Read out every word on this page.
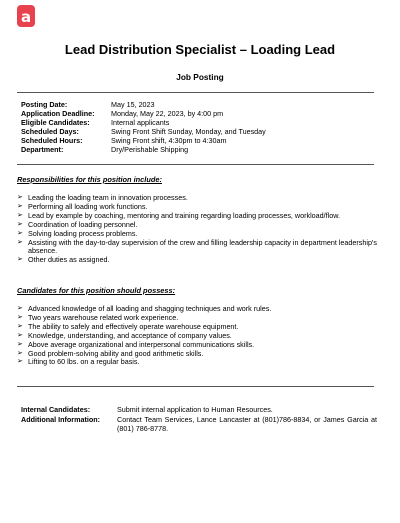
a
Lead Distribution Specialist – Loading Lead
Job Posting
Posting Date:	May 15, 2023
Application Deadline:	Monday, May 22, 2023, by 4:00 pm
Eligible Candidates:	Internal applicants
Scheduled Days:	Swing Front Shift Sunday, Monday, and Tuesday
Scheduled Hours:	Swing Front shift, 4:30pm to 4:30am
Department:	Dry/Perishable Shipping
Responsibilities for this position include:
➢ Leading the loading team in innovation processes.
➢ Performing all loading work functions.
➢ Lead by example by coaching, mentoring and training regarding loading processes, workload/flow.
➢ Coordination of loading personnel.
➢ Solving loading process problems.
➢ Assisting with the day-to-day supervision of the crew and filling leadership capacity in department leadership's absence.
➢ Other duties as assigned.
Candidates for this position should possess:
➢ Advanced knowledge of all loading and shagging techniques and work rules.
➢ Two years warehouse related work experience.
➢ The ability to safely and effectively operate warehouse equipment.
➢ Knowledge, understanding, and acceptance of company values.
➢ Above average organizational and interpersonal communications skills.
➢ Good problem-solving ability and good arithmetic skills.
➢ Lifting to 60 lbs. on a regular basis.
Internal Candidates:	Submit internal application to Human Resources.
Additional Information:	Contact Team Services, Lance Lancaster at (801)786-8834, or James Garcia at (801) 786-8778.
